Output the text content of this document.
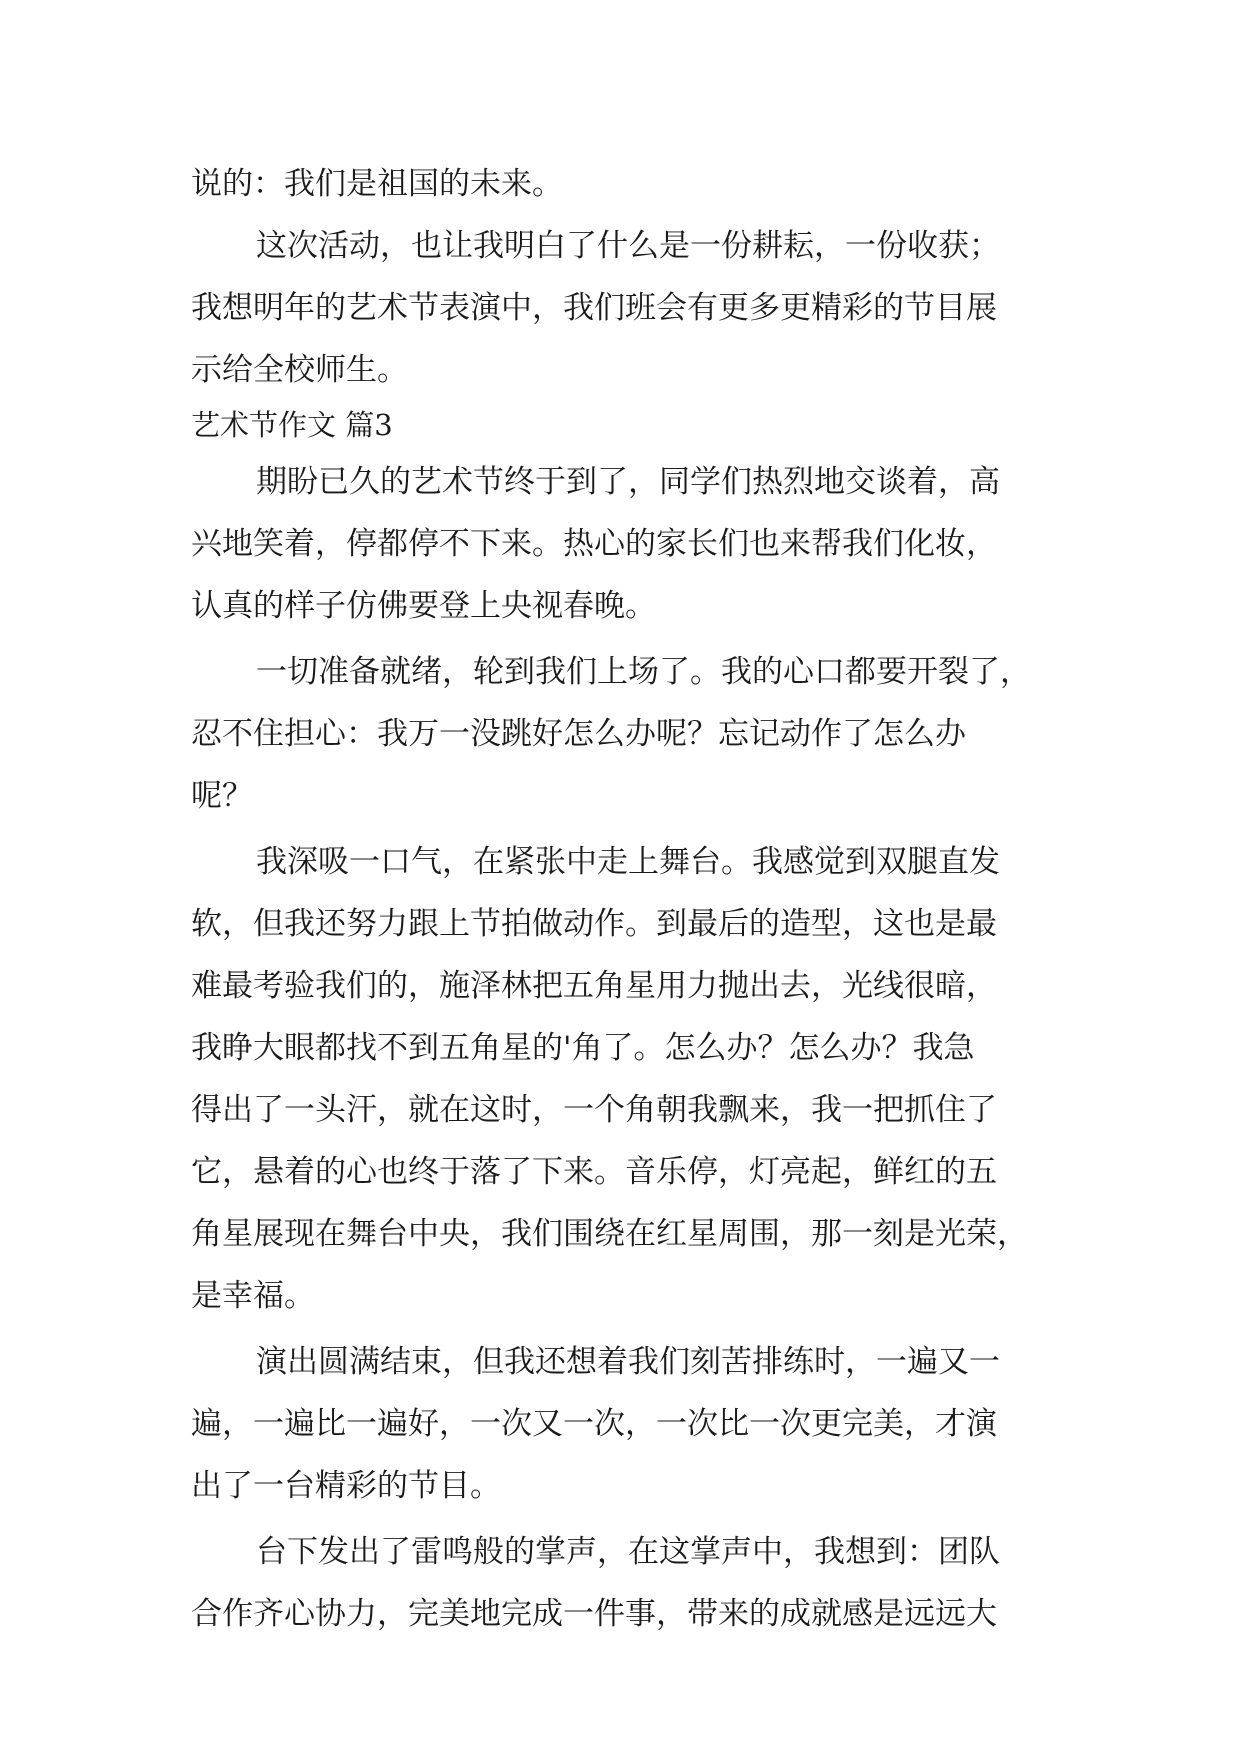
说的：我们是祖国的未来。
这次活动，也让我明白了什么是一份耕耘，一份收获；
我想明年的艺术节表演中，我们班会有更多更精彩的节目展
示给全校师生。
艺术节作文 篇3
期盼已久的艺术节终于到了，同学们热烈地交谈着，高
兴地笑着，停都停不下来。热心的家长们也来帮我们化妆，
认真的样子仿佛要登上央视春晚。
一切准备就绪，轮到我们上场了。我的心口都要开裂了，
忍不住担心：我万一没跳好怎么办呢？忘记动作了怎么办
呢？
我深吸一口气，在紧张中走上舞台。我感觉到双腿直发
软，但我还努力跟上节拍做动作。到最后的造型，这也是最
难最考验我们的，施泽林把五角星用力抛出去，光线很暗，
我睁大眼都找不到五角星的'角了。怎么办？怎么办？我急
得出了一头汗，就在这时，一个角朝我飘来，我一把抓住了
它，悬着的心也终于落了下来。音乐停，灯亮起，鲜红的五
角星展现在舞台中央，我们围绕在红星周围，那一刻是光荣，
是幸福。
演出圆满结束，但我还想着我们刻苦排练时，一遍又一
遍，一遍比一遍好，一次又一次，一次比一次更完美，才演
出了一台精彩的节目。
台下发出了雷鸣般的掌声，在这掌声中，我想到：团队
合作齐心协力，完美地完成一件事，带来的成就感是远远大
